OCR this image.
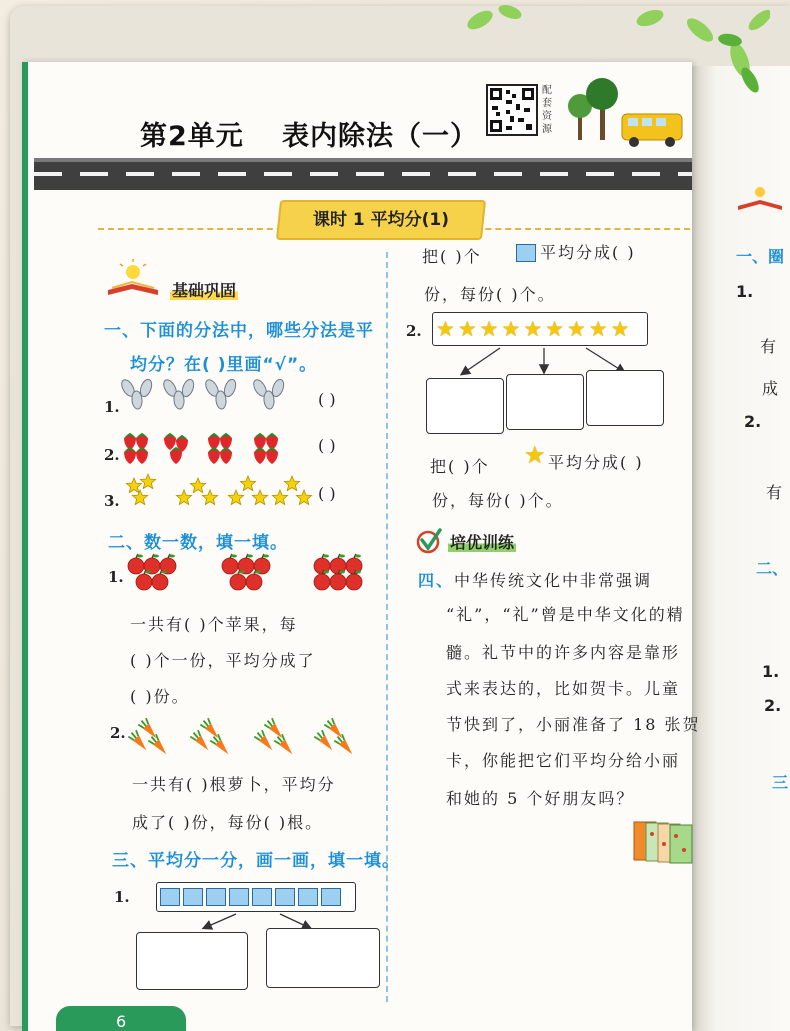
一、圈
1.
有
成
2.
有
二、
1.
2.
三
第2单元 表内除法（一）
配套资源
课时 1 平均分(1)
基础巩固
一、下面的分法中，哪些分法是平
均分？在( )里画“√”。
1.	( )
2.	( )
3.	( )
二、数一数，填一填。
1.
一共有( )个苹果，每
( )个一份，平均分成了
( )份。
2.
一共有( )根萝卜，平均分
成了( )份，每份( )根。
三、平均分一分，画一画，填一填。
1.
把( )个	平均分成( )
份，每份( )个。
2. ★ ★ ★ ★ ★ ★ ★ ★ ★
把( )个 ★ 平均分成( )
份，每份( )个。
培优训练
四、中华传统文化中非常强调
“礼”，“礼”曾是中华文化的精
髓。礼节中的许多内容是靠形
式来表达的，比如贺卡。儿童
节快到了，小丽准备了 18 张贺
卡，你能把它们平均分给小丽
和她的 5 个好朋友吗？
6
